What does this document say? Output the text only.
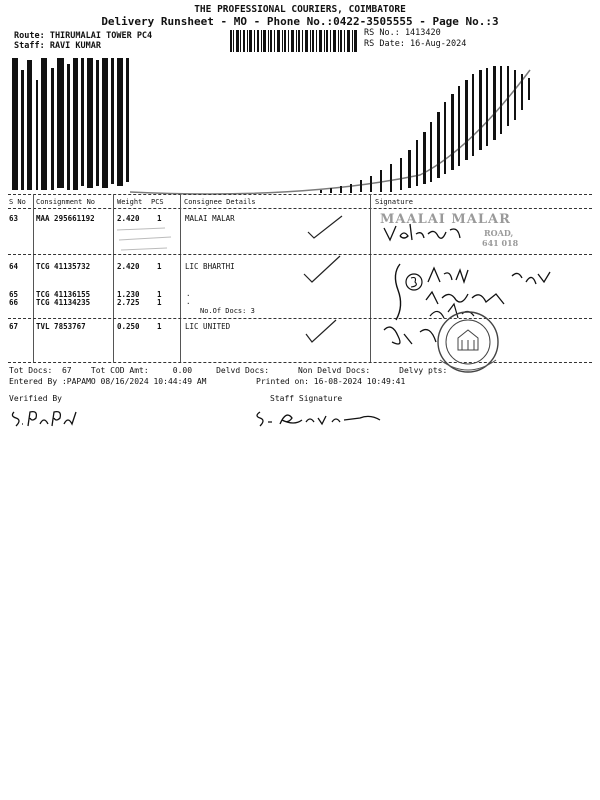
THE PROFESSIONAL COURIERS, COIMBATORE
Delivery Runsheet - MO - Phone No.:0422-3505555 - Page No.:3
Route: THIRUMALAI TOWER PC4
Staff: RAVI KUMAR
RS No.: 1413420
RS Date: 16-Aug-2024
S No Consignment No	Weight PCS	Consignee Details	Signature
63 MAA 295661192	2.420 1	MALAI MALAR
64 TCG 41135732	2.420 1	LIC BHARTHI
65 TCG 41136155	1.230 1	.
66 TCG 41134235	2.725 1	.
No.Of Docs: 3
67 TVL 7853767	0.250 1	LIC UNITED
MAALAI MALAR
ROAD,
641 018
Tot Docs:  67    Tot COD Amt:     0.00     Delvd Docs:      Non Delvd Docs:      Delvy pts:
Entered By :PAPAMO 08/16/2024 10:44:49 AM	Printed on: 16-08-2024 10:49:41
Verified By	Staff Signature
